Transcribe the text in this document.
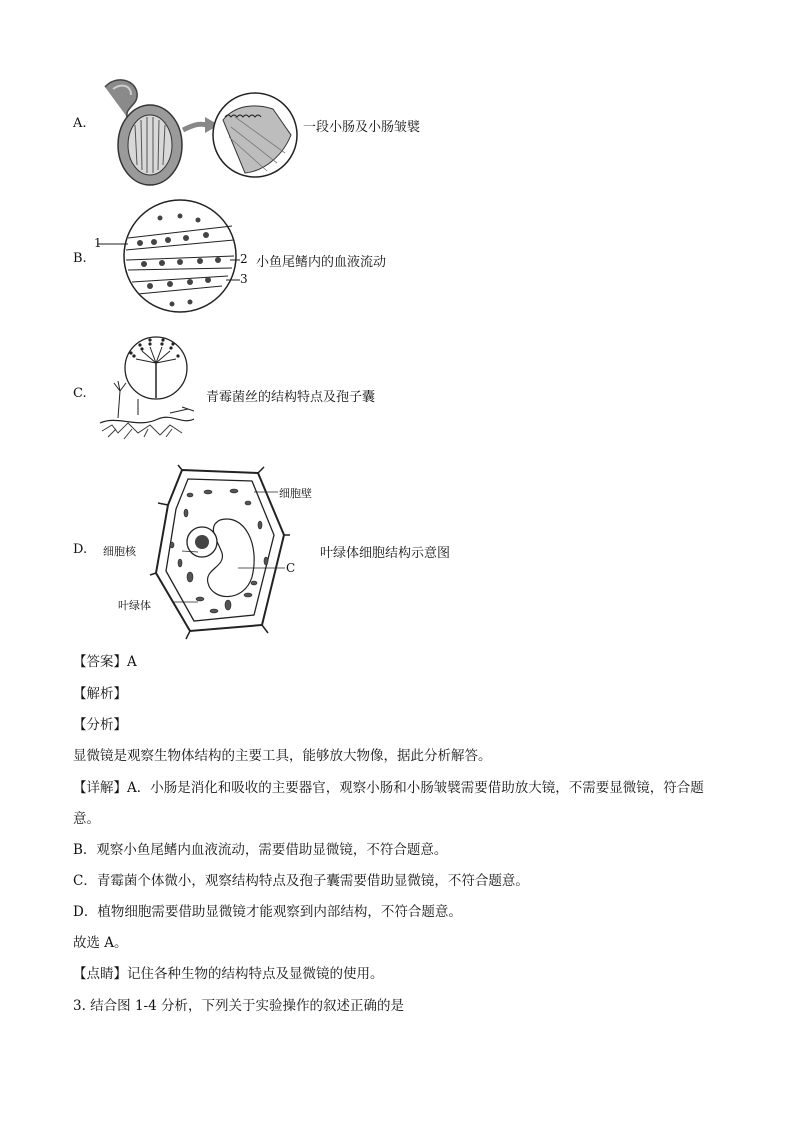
A.	一段小肠及小肠皱襞
B.
1
2
3
小鱼尾鳍内的血液流动
C.	青霉菌丝的结构特点及孢子囊
D.
细胞壁
细胞核
叶绿体
C
叶绿体细胞结构示意图
【答案】A
【解析】
【分析】
显微镜是观察生物体结构的主要工具，能够放大物像，据此分析解答。
【详解】A．小肠是消化和吸收的主要器官，观察小肠和小肠皱襞需要借助放大镜，不需要显微镜，符合题
意。
B．观察小鱼尾鳍内血液流动，需要借助显微镜，不符合题意。
C．青霉菌个体微小，观察结构特点及孢子囊需要借助显微镜，不符合题意。
D．植物细胞需要借助显微镜才能观察到内部结构，不符合题意。
故选 A。
【点睛】记住各种生物的结构特点及显微镜的使用。
3. 结合图 1-4 分析，下列关于实验操作的叙述正确的是
